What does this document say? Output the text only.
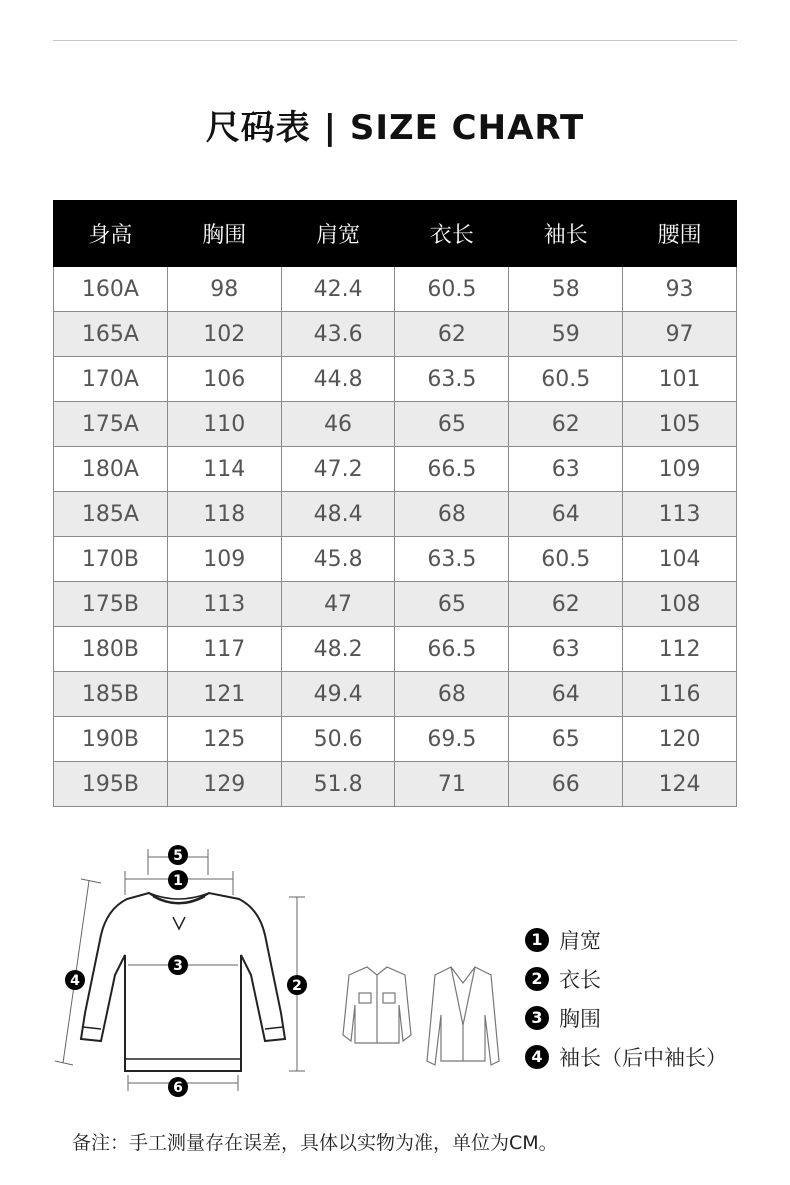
尺码表 | SIZE CHART
身高	胸围	肩宽	衣长	袖长	腰围
160A	98	42.4	60.5	58	93
165A	102	43.6	62	59	97
170A	106	44.8	63.5	60.5	101
175A	110	46	65	62	105
180A	114	47.2	66.5	63	109
185A	118	48.4	68	64	113
170B	109	45.8	63.5	60.5	104
175B	113	47	65	62	108
180B	117	48.2	66.5	63	112
185B	121	49.4	68	64	116
190B	125	50.6	69.5	65	120
195B	129	51.8	71	66	124
5
1
3
4	2
6
1 肩宽
2 衣长
3 胸围
4 袖长（后中袖长）
备注：手工测量存在误差，具体以实物为准，单位为CM。
